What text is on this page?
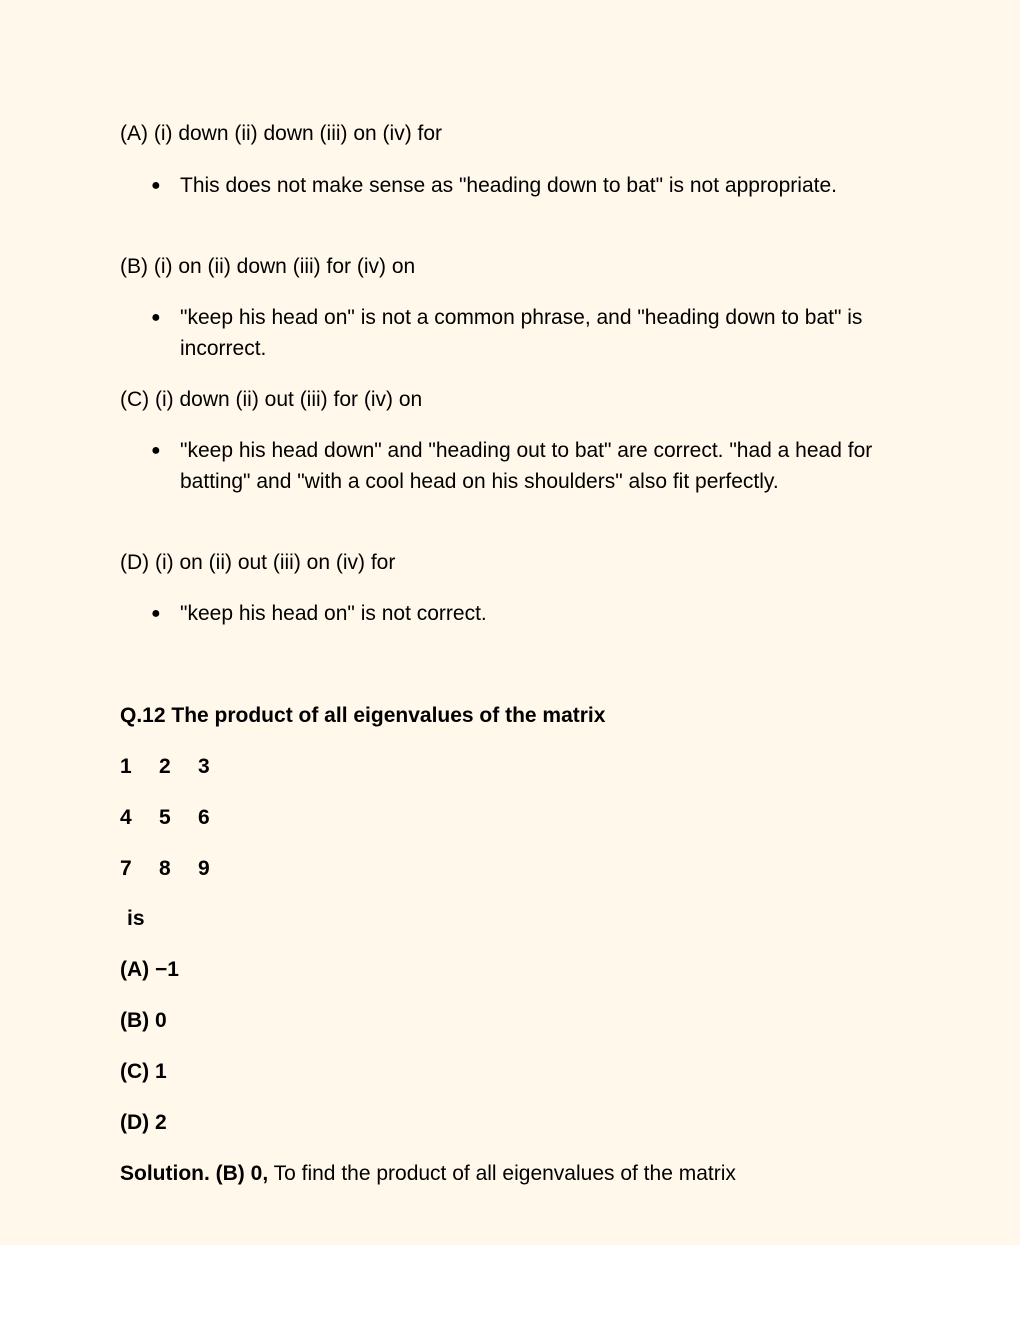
(A) (i) down (ii) down (iii) on (iv) for
● This does not make sense as "heading down to bat" is not appropriate.
(B) (i) on (ii) down (iii) for (iv) on
● "keep his head on" is not a common phrase, and "heading down to bat" is incorrect.
(C) (i) down (ii) out (iii) for (iv) on
● "keep his head down" and "heading out to bat" are correct. "had a head for batting" and "with a cool head on his shoulders" also fit perfectly.
(D) (i) on (ii) out (iii) on (iv) for
● "keep his head on" is not correct.
Q.12 The product of all eigenvalues of the matrix
1 2 3
4 5 6
7 8 9
is
(A) −1
(B) 0
(C) 1
(D) 2
Solution. (B) 0, To find the product of all eigenvalues of the matrix
